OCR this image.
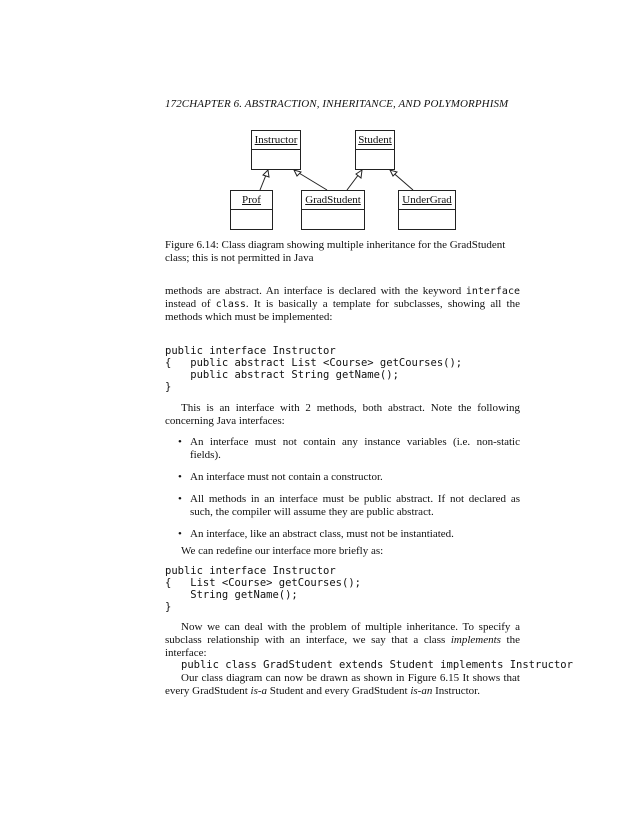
172CHAPTER 6. ABSTRACTION, INHERITANCE, AND POLYMORPHISM
Instructor	Student
Prof	GradStudent	UnderGrad
Figure 6.14: Class diagram showing multiple inheritance for the GradStudent class; this is not permitted in Java
methods are abstract. An interface is declared with the keyword interface instead of class. It is basically a template for subclasses, showing all the methods which must be implemented:
public interface Instructor
{   public abstract List <Course> getCourses();
public abstract String getName();
}
This is an interface with 2 methods, both abstract. Note the following concerning Java interfaces:
• An interface must not contain any instance variables (i.e. non-static fields).
• An interface must not contain a constructor.
• All methods in an interface must be public abstract. If not declared as such, the compiler will assume they are public abstract.
• An interface, like an abstract class, must not be instantiated.
We can redefine our interface more briefly as:
public interface Instructor
{   List <Course> getCourses();
String getName();
}
Now we can deal with the problem of multiple inheritance. To specify a subclass relationship with an interface, we say that a class implements the interface:
public class GradStudent extends Student implements Instructor
Our class diagram can now be drawn as shown in Figure 6.15 It shows that every GradStudent is-a Student and every GradStudent is-an Instructor.
